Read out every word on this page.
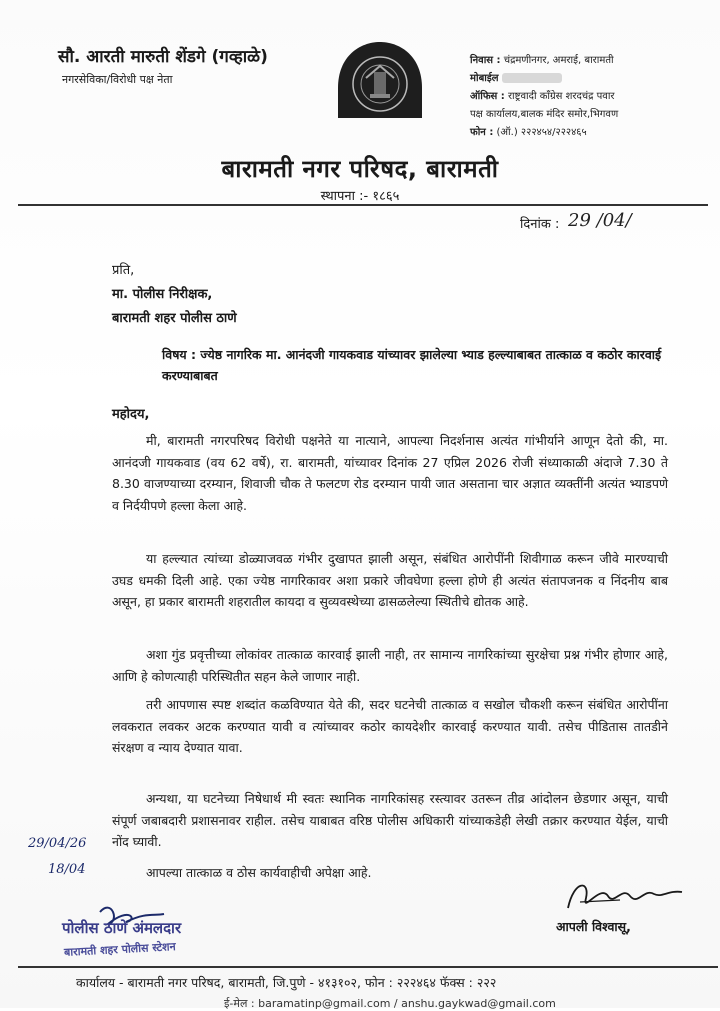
सौ. आरती मारुती शेंडगे (गव्हाळे)
नगरसेविका/विरोधी पक्ष नेता
निवास : चंद्रमणीनगर, अमराई, बारामती
मोबाईल
ऑफिस : राष्ट्रवादी काँग्रेस शरदचंद्र पवार
पक्ष कार्यालय,बालक मंदिर समोर,भिगवण
फोन : (ऑ.) २२२४५४/२२२४६५
बारामती नगर परिषद, बारामती
स्थापना :- १८६५
दिनांक : 29 /04/
प्रति,
मा. पोलीस निरीक्षक,
बारामती शहर पोलीस ठाणे
विषय : ज्येष्ठ नागरिक मा. आनंदजी गायकवाड यांच्यावर झालेल्या भ्याड हल्ल्याबाबत तात्काळ व कठोर कारवाई करण्याबाबत
महोदय,
मी, बारामती नगरपरिषद विरोधी पक्षनेते या नात्याने, आपल्या निदर्शनास अत्यंत गांभीर्याने आणून देतो की, मा. आनंदजी गायकवाड (वय 62 वर्षे), रा. बारामती, यांच्यावर दिनांक 27 एप्रिल 2026 रोजी संध्याकाळी अंदाजे 7.30 ते 8.30 वाजण्याच्या दरम्यान, शिवाजी चौक ते फलटण रोड दरम्यान पायी जात असताना चार अज्ञात व्यक्तींनी अत्यंत भ्याडपणे व निर्दयीपणे हल्ला केला आहे.
या हल्ल्यात त्यांच्या डोळ्याजवळ गंभीर दुखापत झाली असून, संबंधित आरोपींनी शिवीगाळ करून जीवे मारण्याची उघड धमकी दिली आहे. एका ज्येष्ठ नागरिकावर अशा प्रकारे जीवघेणा हल्ला होणे ही अत्यंत संतापजनक व निंदनीय बाब असून, हा प्रकार बारामती शहरातील कायदा व सुव्यवस्थेच्या ढासळलेल्या स्थितीचे द्योतक आहे.
अशा गुंड प्रवृत्तीच्या लोकांवर तात्काळ कारवाई झाली नाही, तर सामान्य नागरिकांच्या सुरक्षेचा प्रश्न गंभीर होणार आहे, आणि हे कोणत्याही परिस्थितीत सहन केले जाणार नाही.
तरी आपणास स्पष्ट शब्दांत कळविण्यात येते की, सदर घटनेची तात्काळ व सखोल चौकशी करून संबंधित आरोपींना लवकरात लवकर अटक करण्यात यावी व त्यांच्यावर कठोर कायदेशीर कारवाई करण्यात यावी. तसेच पीडितास तातडीने संरक्षण व न्याय देण्यात यावा.
अन्यथा, या घटनेच्या निषेधार्थ मी स्वतः स्थानिक नागरिकांसह रस्त्यावर उतरून तीव्र आंदोलन छेडणार असून, याची संपूर्ण जबाबदारी प्रशासनावर राहील. तसेच याबाबत वरिष्ठ पोलीस अधिकारी यांच्याकडेही लेखी तक्रार करण्यात येईल, याची नोंद घ्यावी.
आपल्या तात्काळ व ठोस कार्यवाहीची अपेक्षा आहे.
29/04/26
18/04
पोलीस ठाणे अंमलदार
बारामती शहर पोलीस स्टेशन
आपली विश्वासू,
कार्यालय - बारामती नगर परिषद, बारामती, जि.पुणे - ४१३१०२, फोन : २२२४६४ फॅक्स : २२२
ई-मेल : baramatinp@gmail.com / anshu.gaykwad@gmail.com
